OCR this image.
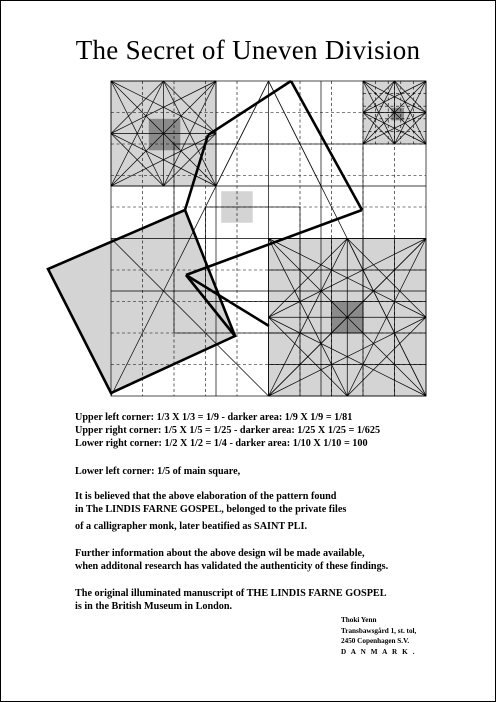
The Secret of Uneven Division
Upper left corner: 1/3 X 1/3 = 1/9 - darker area: 1/9 X 1/9 = 1/81
Upper right corner: 1/5 X 1/5 = 1/25 - darker area: 1/25 X 1/25 = 1/625
Lower right corner: 1/2 X 1/2 = 1/4 - darker area: 1/10 X 1/10 = 100
Lower left corner: 1/5 of main square,
It is believed that the above elaboration of the pattern found
in The LINDIS FARNE GOSPEL, belonged to the private files
of a calligrapher monk, later beatified as SAINT PLI.
Further information about the above design wil be made available,
when additonal research has validated the authenticity of these findings.
The original illuminated manuscript of THE LINDIS FARNE GOSPEL
is in the British Museum in London.
Thoki Yenn
Transbawsgård 1, st. tol,
2450 Copenhagen S.V.
D A N M A R K .
